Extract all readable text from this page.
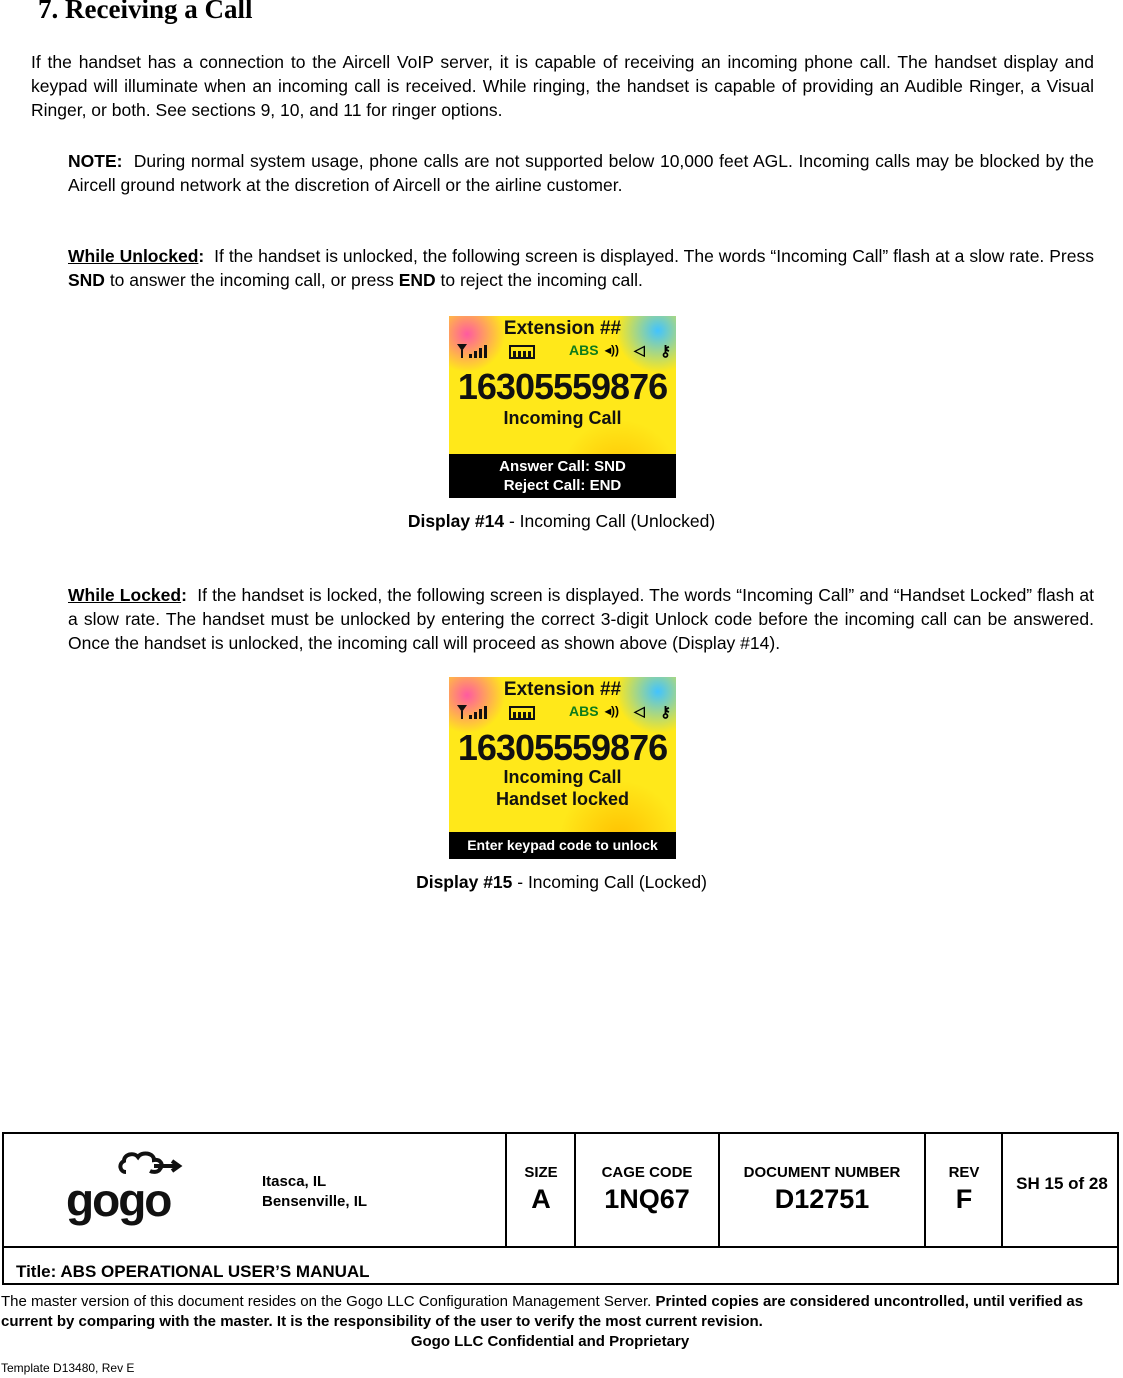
7. Receiving a Call
If the handset has a connection to the Aircell VoIP server, it is capable of receiving an incoming phone call. The handset display and keypad will illuminate when an incoming call is received. While ringing, the handset is capable of providing an Audible Ringer, a Visual Ringer, or both. See sections 9, 10, and 11 for ringer options.
NOTE: During normal system usage, phone calls are not supported below 10,000 feet AGL. Incoming calls may be blocked by the Aircell ground network at the discretion of Aircell or the airline customer.
While Unlocked: If the handset is unlocked, the following screen is displayed. The words “Incoming Call” flash at a slow rate. Press SND to answer the incoming call, or press END to reject the incoming call.
Extension ##
ABS ◂)) ◁ ⚷
16305559876
Incoming Call
Answer Call: SND
Reject Call: END
Display #14 - Incoming Call (Unlocked)
While Locked: If the handset is locked, the following screen is displayed. The words “Incoming Call” and “Handset Locked” flash at a slow rate. The handset must be unlocked by entering the correct 3-digit Unlock code before the incoming call can be answered. Once the handset is unlocked, the incoming call will proceed as shown above (Display #14).
Extension ##
ABS ◂)) ◁ ⚷
16305559876
Incoming Call
Handset locked
Enter keypad code to unlock
Display #15 - Incoming Call (Locked)
gogo	Itasca, IL
Bensenville, IL
SIZE
A
CAGE CODE
1NQ67
DOCUMENT NUMBER
D12751
REV
F
SH 15 of 28
Title: ABS OPERATIONAL USER’S MANUAL
The master version of this document resides on the Gogo LLC Configuration Management Server. Printed copies are considered uncontrolled, until verified as current by comparing with the master. It is the responsibility of the user to verify the most current revision.
Gogo LLC Confidential and Proprietary
Template D13480, Rev E
